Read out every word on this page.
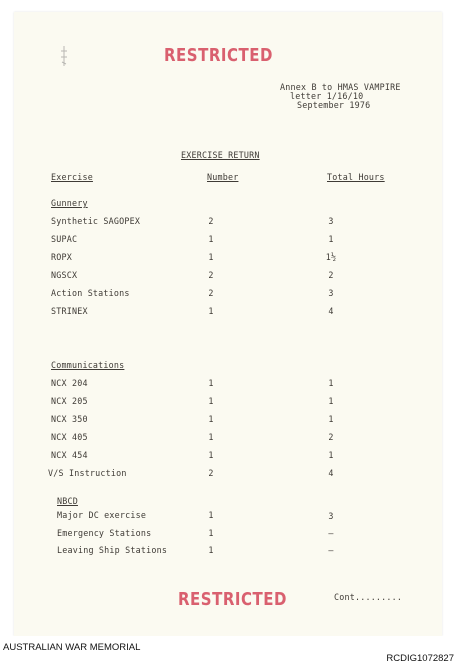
RESTRICTED
Annex B to HMAS VAMPIRE
letter 1/16/10
September 1976
EXERCISE RETURN
Exercise	Number	Total Hours
Gunnery
Synthetic SAGOPEX	2	3
SUPAC	1	1
ROPX	1	1½
NGSCX	2	2
Action Stations	2	3
STRINEX	1	4
Communications
NCX 204	1	1
NCX 205	1	1
NCX 350	1	1
NCX 405	1	2
NCX 454	1	1
V/S Instruction	2	4
NBCD
Major DC exercise	1	3
Emergency Stations	1	–
Leaving Ship Stations	1	–
RESTRICTED	Cont.........
AUSTRALIAN WAR MEMORIAL
RCDIG1072827
